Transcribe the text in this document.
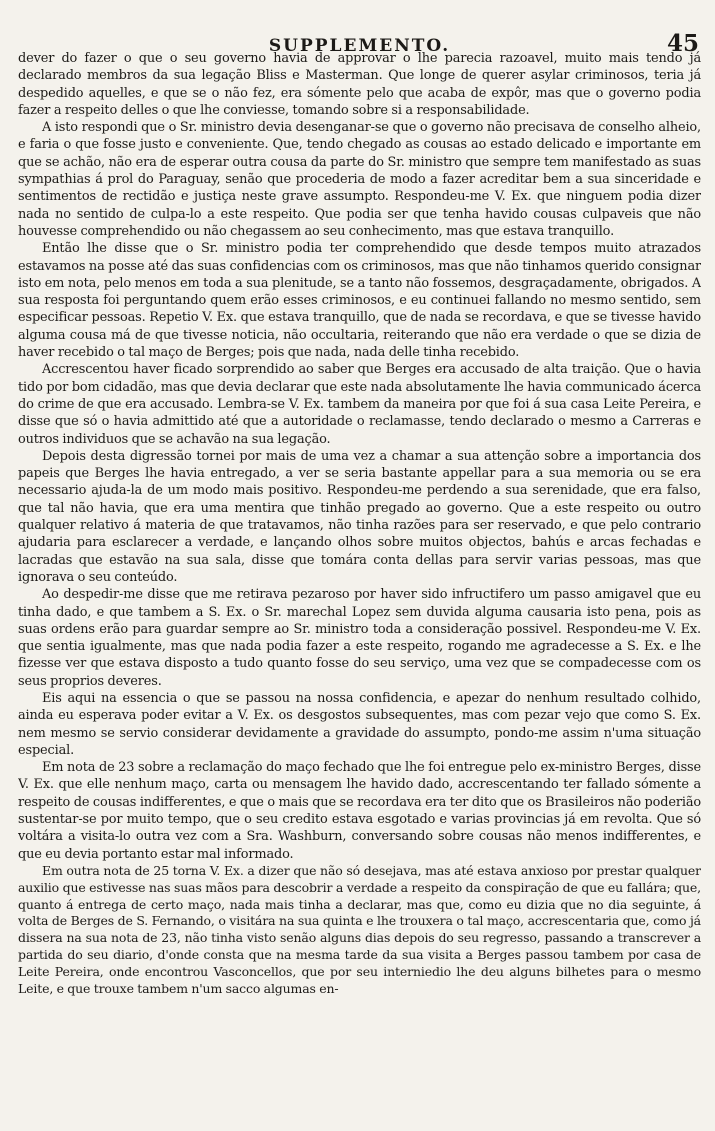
SUPPLEMENTO.	45

dever do fazer o que o seu governo havia de approvar o lhe parecia razoavel, muito mais tendo já declarado membros da sua legação Bliss e Masterman. Que longe de querer asylar criminosos, teria já despedido aquelles, e que se o não fez, era sómente pelo que acaba de expôr, mas que o governo podia fazer a respeito delles o que lhe conviesse, tomando sobre si a responsabilidade.

A isto respondi que o Sr. ministro devia desenganar-se que o governo não precisava de conselho alheio, e faria o que fosse justo e conveniente. Que, tendo chegado as cousas ao estado delicado e importante em que se achão, não era de esperar outra cousa da parte do Sr. ministro que sempre tem manifestado as suas sympathias á prol do Paraguay, senão que procederia de modo a fazer acreditar bem a sua sinceridade e sentimentos de rectidão e justiça neste grave assumpto. Respondeu-me V. Ex. que ninguem podia dizer nada no sentido de culpa-lo a este respeito. Que podia ser que tenha havido cousas culpaveis que não houvesse comprehendido ou não chegassem ao seu conhecimento, mas que estava tranquillo.

Então lhe disse que o Sr. ministro podia ter comprehendido que desde tempos muito atrazados estavamos na posse até das suas confidencias com os criminosos, mas que não tinhamos querido consignar isto em nota, pelo menos em toda a sua plenitude, se a tanto não fossemos, desgraçadamente, obrigados. A sua resposta foi perguntando quem erão esses criminosos, e eu continuei fallando no mesmo sentido, sem especificar pessoas. Repetio V. Ex. que estava tranquillo, que de nada se recordava, e que se tivesse havido alguma cousa má de que tivesse noticia, não occultaria, reiterando que não era verdade o que se dizia de haver recebido o tal maço de Berges; pois que nada, nada delle tinha recebido.

Accrescentou haver ficado sorprendido ao saber que Berges era accusado de alta traição. Que o havia tido por bom cidadão, mas que devia declarar que este nada absolutamente lhe havia communicado ácerca do crime de que era accusado. Lembra-se V. Ex. tambem da maneira por que foi á sua casa Leite Pereira, e disse que só o havia admittido até que a autoridade o reclamasse, tendo declarado o mesmo a Carreras e outros individuos que se achavão na sua legação.

Depois desta digressão tornei por mais de uma vez a chamar a sua attenção sobre a importancia dos papeis que Berges lhe havia entregado, a ver se seria bastante appellar para a sua memoria ou se era necessario ajuda-la de um modo mais positivo. Respondeu-me perdendo a sua serenidade, que era falso, que tal não havia, que era uma mentira que tinhão pregado ao governo. Que a este respeito ou outro qualquer relativo á materia de que tratavamos, não tinha razões para ser reservado, e que pelo contrario ajudaria para esclarecer a verdade, e lançando olhos sobre muitos objectos, bahús e arcas fechadas e lacradas que estavão na sua sala, disse que tomára conta dellas para servir varias pessoas, mas que ignorava o seu conteúdo.

Ao despedir-me disse que me retirava pezaroso por haver sido infructifero um passo amigavel que eu tinha dado, e que tambem a S. Ex. o Sr. marechal Lopez sem duvida alguma causaria isto pena, pois as suas ordens erão para guardar sempre ao Sr. ministro toda a consideração possivel. Respondeu-me V. Ex. que sentia igualmente, mas que nada podia fazer a este respeito, rogando me agradecesse a S. Ex. e lhe fizesse ver que estava disposto a tudo quanto fosse do seu serviço, uma vez que se compadecesse com os seus proprios deveres.

Eis aqui na essencia o que se passou na nossa confidencia, e apezar do nenhum resultado colhido, ainda eu esperava poder evitar a V. Ex. os desgostos subsequentes, mas com pezar vejo que como S. Ex. nem mesmo se servio considerar devidamente a gravidade do assumpto, pondo-me assim n'uma situação especial.

Em nota de 23 sobre a reclamação do maço fechado que lhe foi entregue pelo ex-ministro Berges, disse V. Ex. que elle nenhum maço, carta ou mensagem lhe havido dado, accrescentando ter fallado sómente a respeito de cousas indifferentes, e que o mais que se recordava era ter dito que os Brasileiros não poderião sustentar-se por muito tempo, que o seu credito estava esgotado e varias provincias já em revolta. Que só voltára a visita-lo outra vez com a Sra. Washburn, conversando sobre cousas não menos indifferentes, e que eu devia portanto estar mal informado.

Em outra nota de 25 torna V. Ex. a dizer que não só desejava, mas até estava anxioso por prestar qualquer auxilio que estivesse nas suas mãos para descobrir a verdade a respeito da conspiração de que eu fallára; que, quanto á entrega de certo maço, nada mais tinha a declarar, mas que, como eu dizia que no dia seguinte, á volta de Berges de S. Fernando, o visitára na sua quinta e lhe trouxera o tal maço, accrescentaria que, como já dissera na sua nota de 23, não tinha visto senão alguns dias depois do seu regresso, passando a transcrever a partida do seu diario, d'onde consta que na mesma tarde da sua visita a Berges passou tambem por casa de Leite Pereira, onde encontrou Vasconcellos, que por seu interniedio lhe deu alguns bilhetes para o mesmo Leite, e que trouxe tambem n'um sacco algumas en-
